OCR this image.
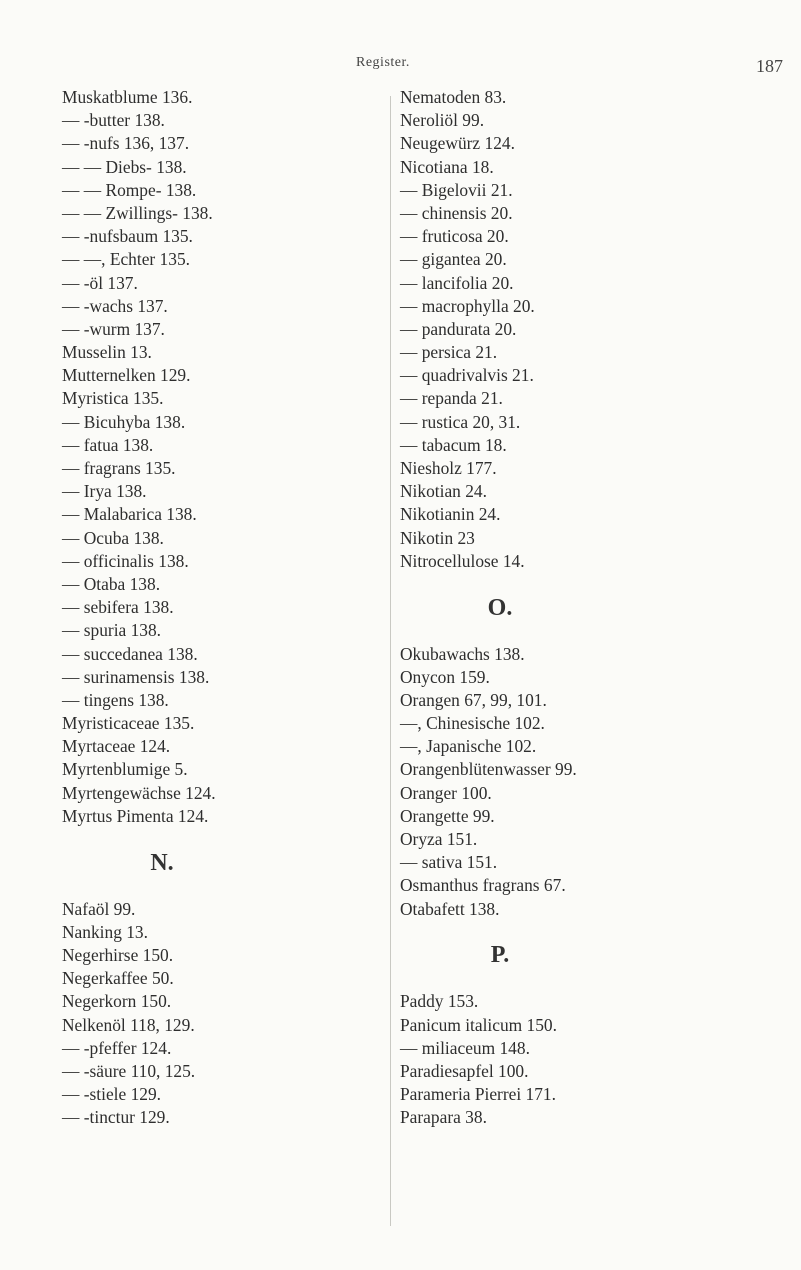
Register.	187
Muskatblume 136.
— -butter 138.
— -nufs 136, 137.
— — Diebs- 138.
— — Rompe- 138.
— — Zwillings- 138.
— -nufsbaum 135.
— —, Echter 135.
— -öl 137.
— -wachs 137.
— -wurm 137.
Musselin 13.
Mutternelken 129.
Myristica 135.
— Bicuhyba 138.
— fatua 138.
— fragrans 135.
— Irya 138.
— Malabarica 138.
— Ocuba 138.
— officinalis 138.
— Otaba 138.
— sebifera 138.
— spuria 138.
— succedanea 138.
— surinamensis 138.
— tingens 138.
Myristicaceae 135.
Myrtaceae 124.
Myrtenblumige 5.
Myrtengewächse 124.
Myrtus Pimenta 124.
N.
Nafaöl 99.
Nanking 13.
Negerhirse 150.
Negerkaffee 50.
Negerkorn 150.
Nelkenöl 118, 129.
— -pfeffer 124.
— -säure 110, 125.
— -stiele 129.
— -tinctur 129.
Nematoden 83.
Neroliöl 99.
Neugewürz 124.
Nicotiana 18.
— Bigelovii 21.
— chinensis 20.
— fruticosa 20.
— gigantea 20.
— lancifolia 20.
— macrophylla 20.
— pandurata 20.
— persica 21.
— quadrivalvis 21.
— repanda 21.
— rustica 20, 31.
— tabacum 18.
Niesholz 177.
Nikotian 24.
Nikotianin 24.
Nikotin 23
Nitrocellulose 14.
O.
Okubawachs 138.
Onycon 159.
Orangen 67, 99, 101.
—, Chinesische 102.
—, Japanische 102.
Orangenblütenwasser 99.
Oranger 100.
Orangette 99.
Oryza 151.
— sativa 151.
Osmanthus fragrans 67.
Otabafett 138.
P.
Paddy 153.
Panicum italicum 150.
— miliaceum 148.
Paradiesapfel 100.
Parameria Pierrei 171.
Parapara 38.
